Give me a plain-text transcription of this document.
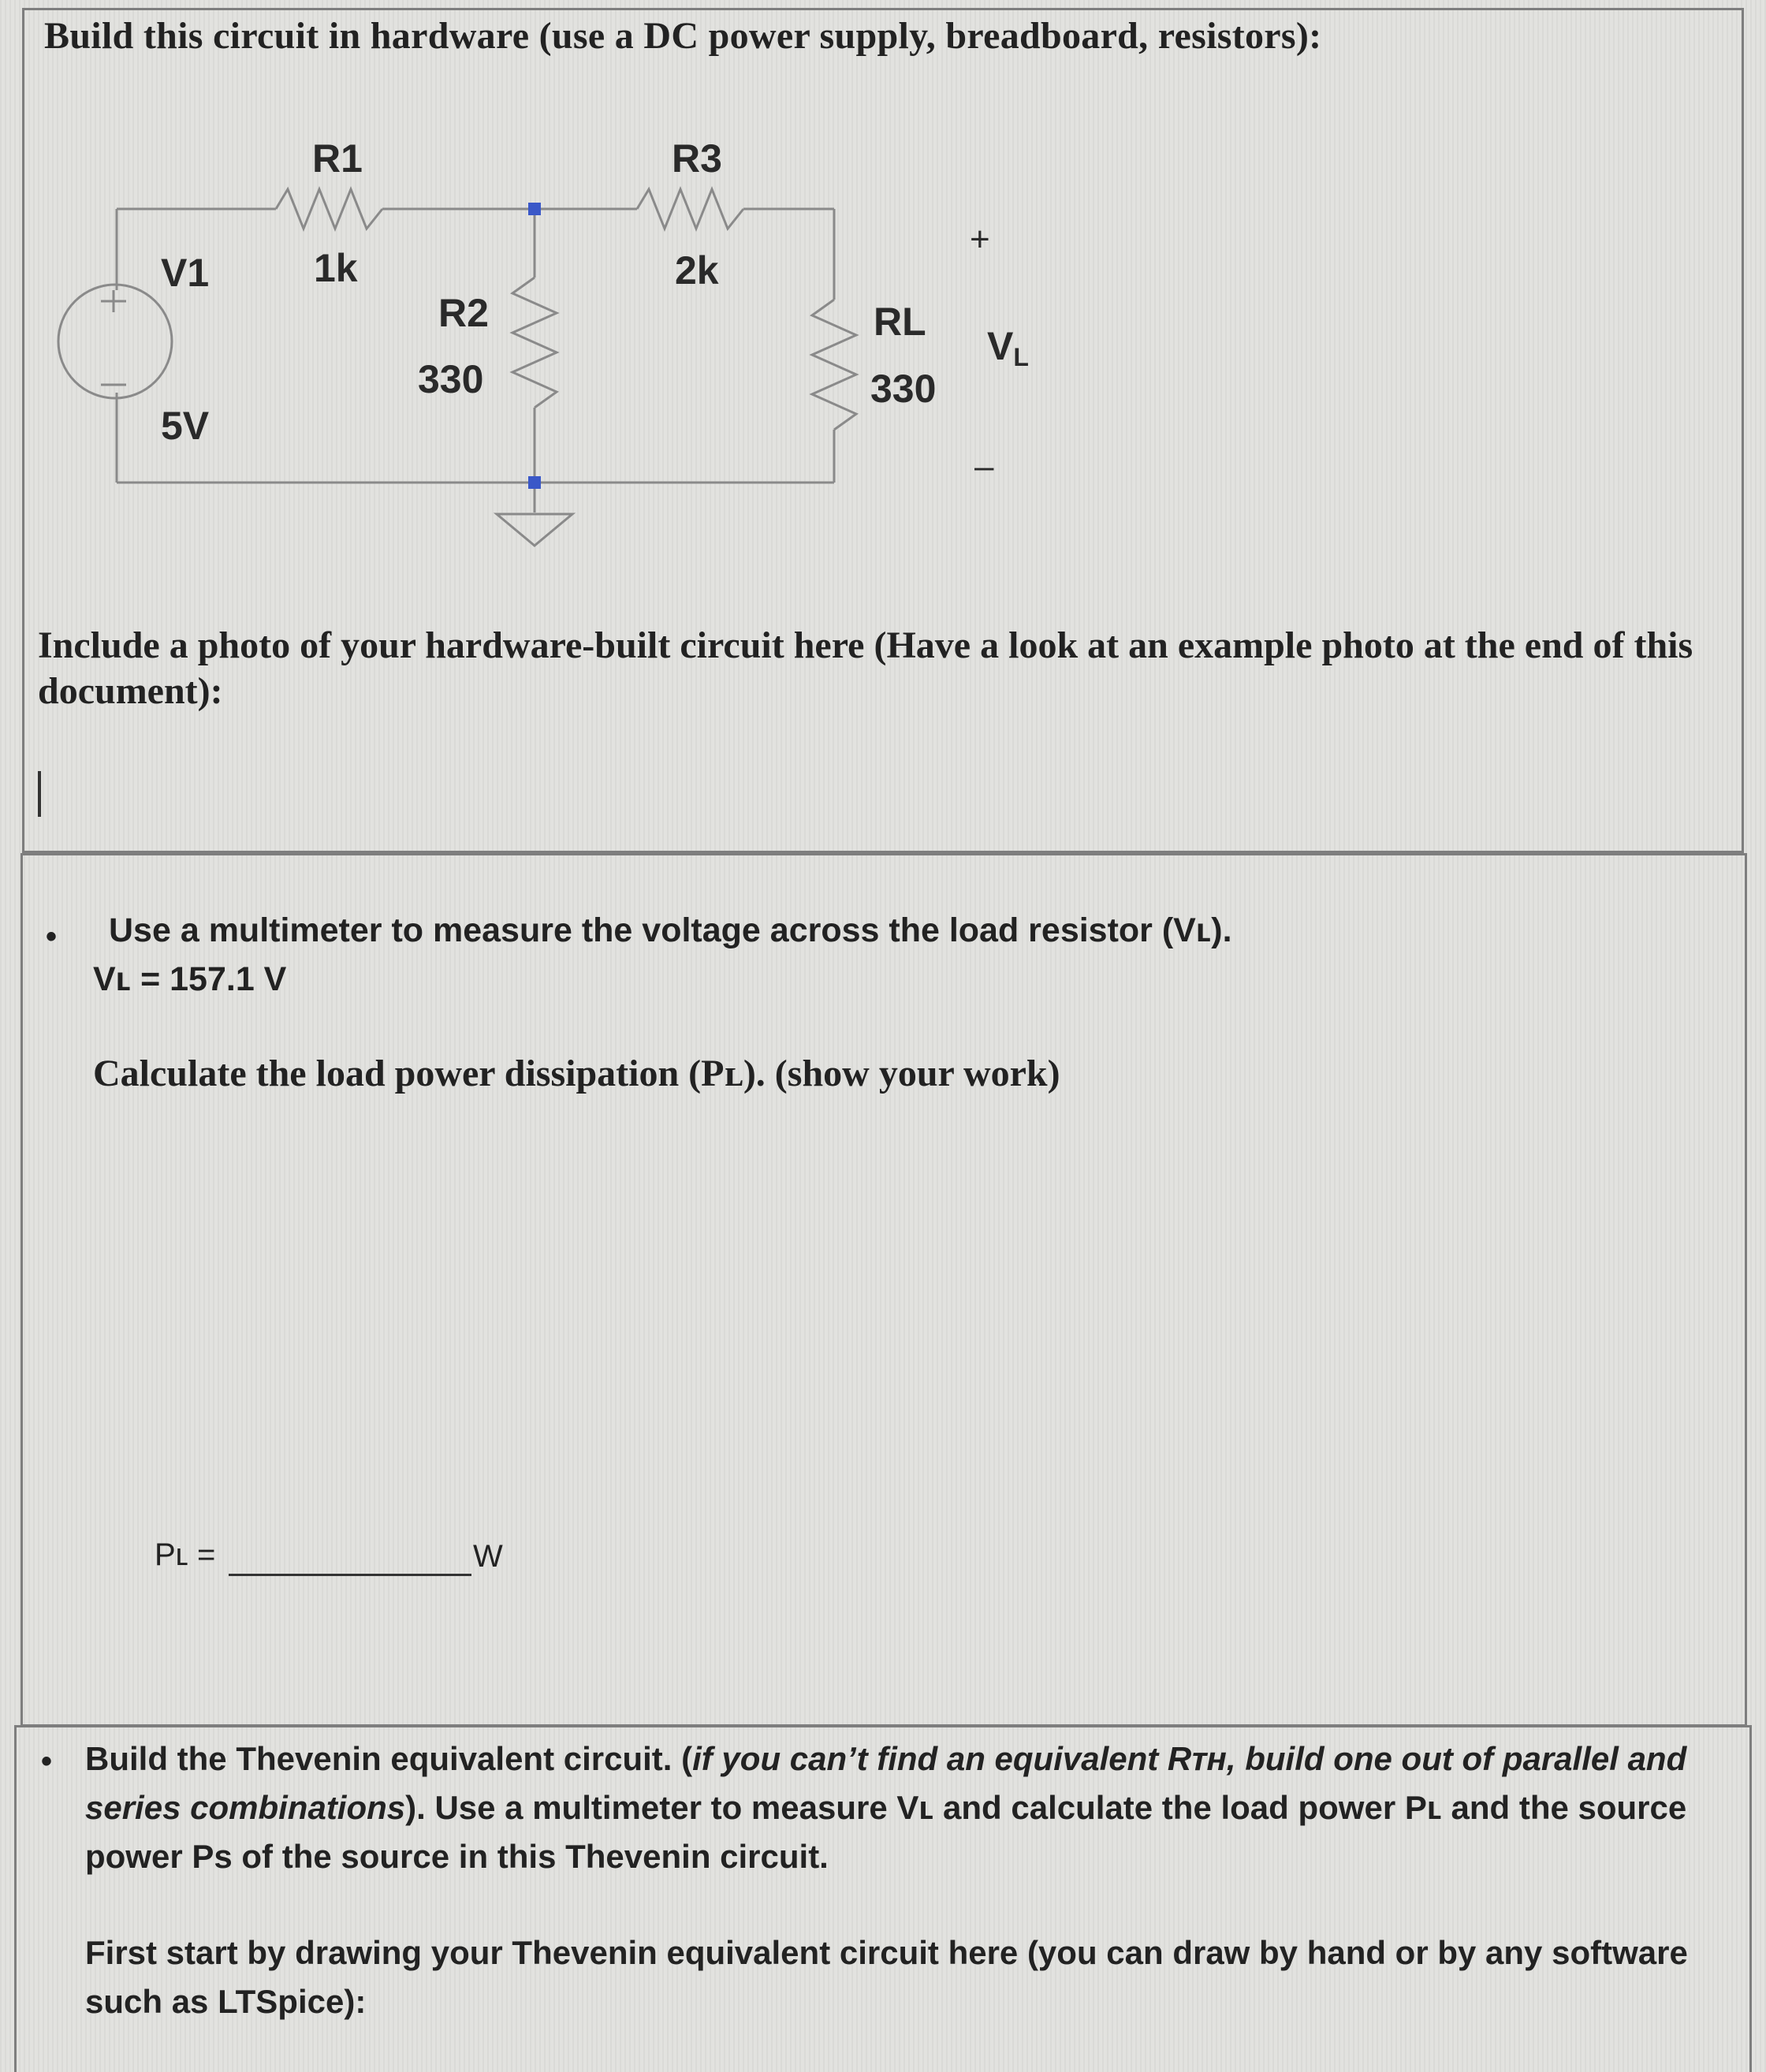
Build this circuit in hardware (use a DC power supply, breadboard, resistors):
R1
1k
V1
5V
R2
330
R3
2k
RL
330
VL
+
–
Include a photo of your hardware-built circuit here (Have a look at an example photo at the end of this document):
• Use a multimeter to measure the voltage across the load resistor (Vʟ).
Vʟ = 157.1 V
Calculate the load power dissipation (Pʟ). (show your work)
Pʟ =	W
• Build the Thevenin equivalent circuit. (if you can’t find an equivalent Rᴛʜ, build one out of parallel and series combinations). Use a multimeter to measure Vʟ and calculate the load power Pʟ and the source power Ps of the source in this Thevenin circuit.
First start by drawing your Thevenin equivalent circuit here (you can draw by hand or by any software such as LTSpice):
